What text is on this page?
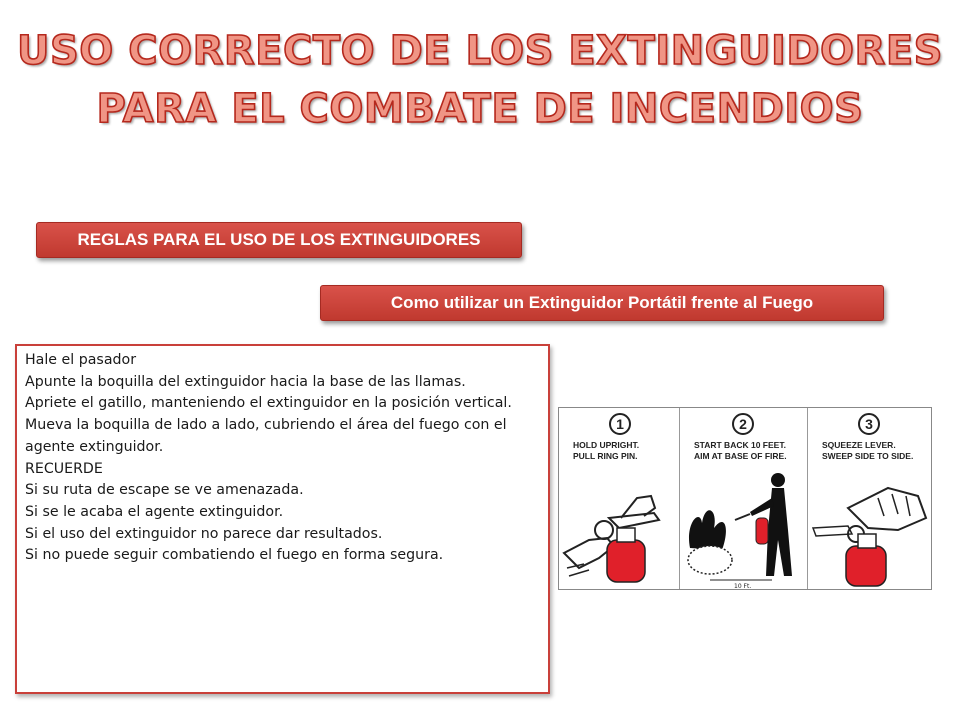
USO CORRECTO DE LOS EXTINGUIDORES
PARA EL COMBATE DE INCENDIOS
REGLAS PARA EL USO DE LOS EXTINGUIDORES
Como utilizar un Extinguidor Portátil frente al Fuego

Hale el pasador

Apunte la boquilla del extinguidor hacia la base de las llamas.

Apriete el gatillo, manteniendo el extinguidor en la posición vertical.

Mueva la boquilla de lado a lado, cubriendo el área del fuego con el agente extinguidor.

RECUERDE

Si su ruta de escape se ve amenazada.

Si se le acaba el agente extinguidor.

Si el uso del extinguidor no parece dar resultados.

Si no puede seguir combatiendo el fuego en forma segura.

1
HOLD UPRIGHT.
PULL RING PIN.
2
START BACK 10 FEET.
AIM AT BASE OF FIRE.
10 Ft.
3
SQUEEZE LEVER.
SWEEP SIDE TO SIDE.
